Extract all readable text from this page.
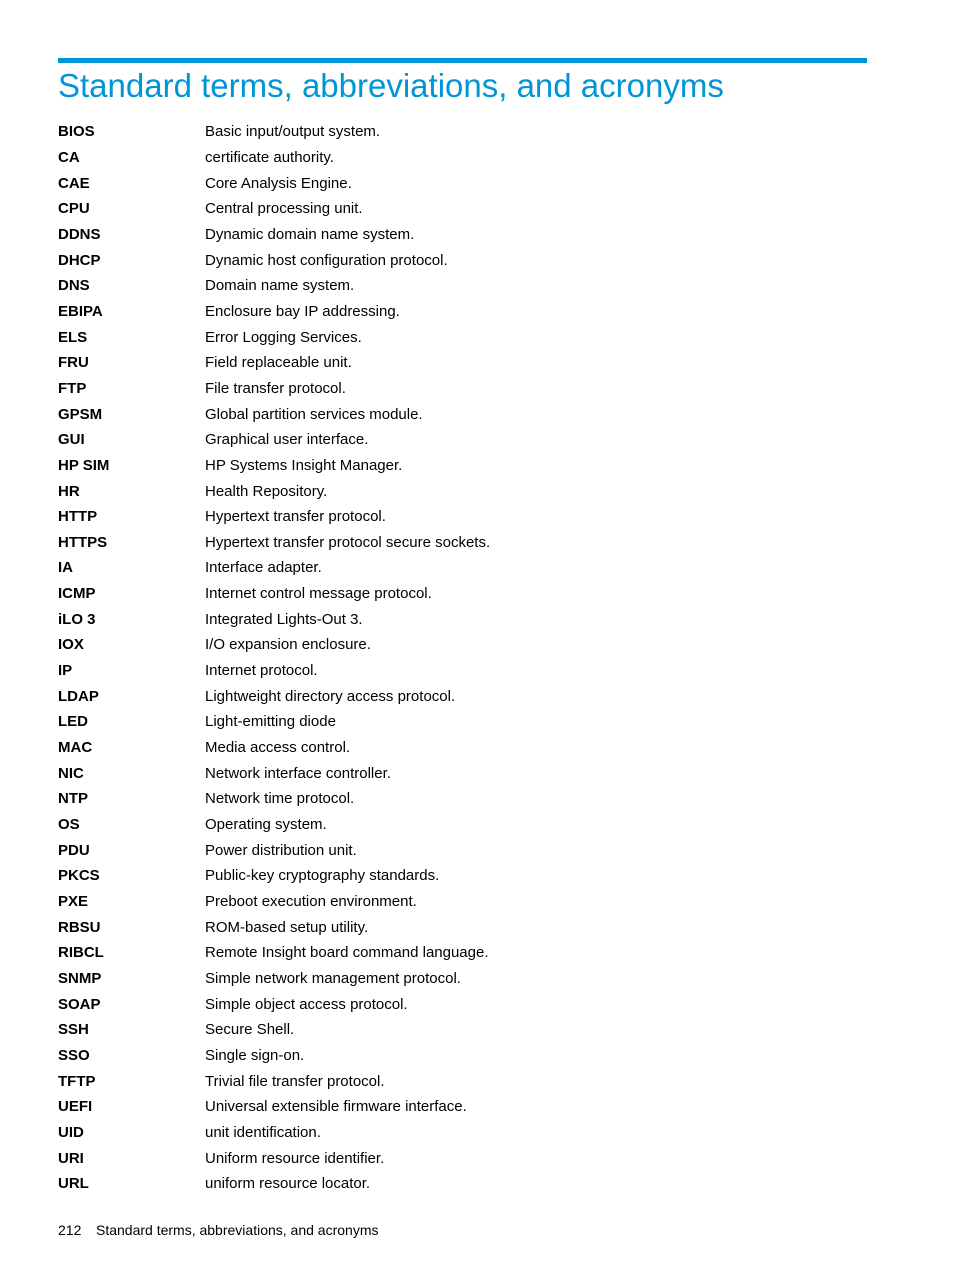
Standard terms, abbreviations, and acronyms
BIOS	Basic input/output system.
CA	certificate authority.
CAE	Core Analysis Engine.
CPU	Central processing unit.
DDNS	Dynamic domain name system.
DHCP	Dynamic host configuration protocol.
DNS	Domain name system.
EBIPA	Enclosure bay IP addressing.
ELS	Error Logging Services.
FRU	Field replaceable unit.
FTP	File transfer protocol.
GPSM	Global partition services module.
GUI	Graphical user interface.
HP SIM	HP Systems Insight Manager.
HR	Health Repository.
HTTP	Hypertext transfer protocol.
HTTPS	Hypertext transfer protocol secure sockets.
IA	Interface adapter.
ICMP	Internet control message protocol.
iLO 3	Integrated Lights-Out 3.
IOX	I/O expansion enclosure.
IP	Internet protocol.
LDAP	Lightweight directory access protocol.
LED	Light-emitting diode
MAC	Media access control.
NIC	Network interface controller.
NTP	Network time protocol.
OS	Operating system.
PDU	Power distribution unit.
PKCS	Public-key cryptography standards.
PXE	Preboot execution environment.
RBSU	ROM-based setup utility.
RIBCL	Remote Insight board command language.
SNMP	Simple network management protocol.
SOAP	Simple object access protocol.
SSH	Secure Shell.
SSO	Single sign-on.
TFTP	Trivial file transfer protocol.
UEFI	Universal extensible firmware interface.
UID	unit identification.
URI	Uniform resource identifier.
URL	uniform resource locator.
212 Standard terms, abbreviations, and acronyms
